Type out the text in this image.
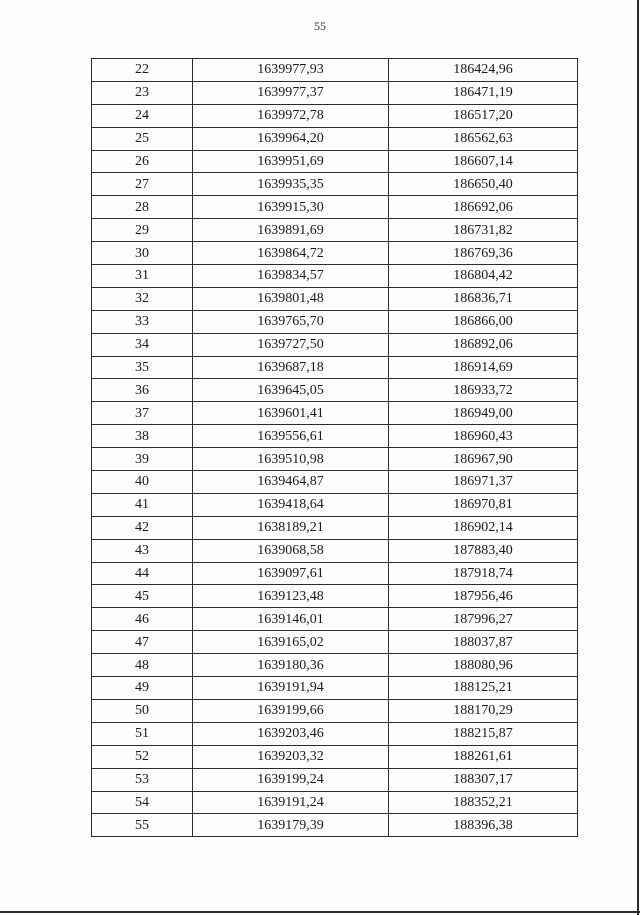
55
22	1639977,93	186424,96
23	1639977,37	186471,19
24	1639972,78	186517,20
25	1639964,20	186562,63
26	1639951,69	186607,14
27	1639935,35	186650,40
28	1639915,30	186692,06
29	1639891,69	186731,82
30	1639864,72	186769,36
31	1639834,57	186804,42
32	1639801,48	186836,71
33	1639765,70	186866,00
34	1639727,50	186892,06
35	1639687,18	186914,69
36	1639645,05	186933,72
37	1639601,41	186949,00
38	1639556,61	186960,43
39	1639510,98	186967,90
40	1639464,87	186971,37
41	1639418,64	186970,81
42	1638189,21	186902,14
43	1639068,58	187883,40
44	1639097,61	187918,74
45	1639123,48	187956,46
46	1639146,01	187996,27
47	1639165,02	188037,87
48	1639180,36	188080,96
49	1639191,94	188125,21
50	1639199,66	188170,29
51	1639203,46	188215,87
52	1639203,32	188261,61
53	1639199,24	188307,17
54	1639191,24	188352,21
55	1639179,39	188396,38
